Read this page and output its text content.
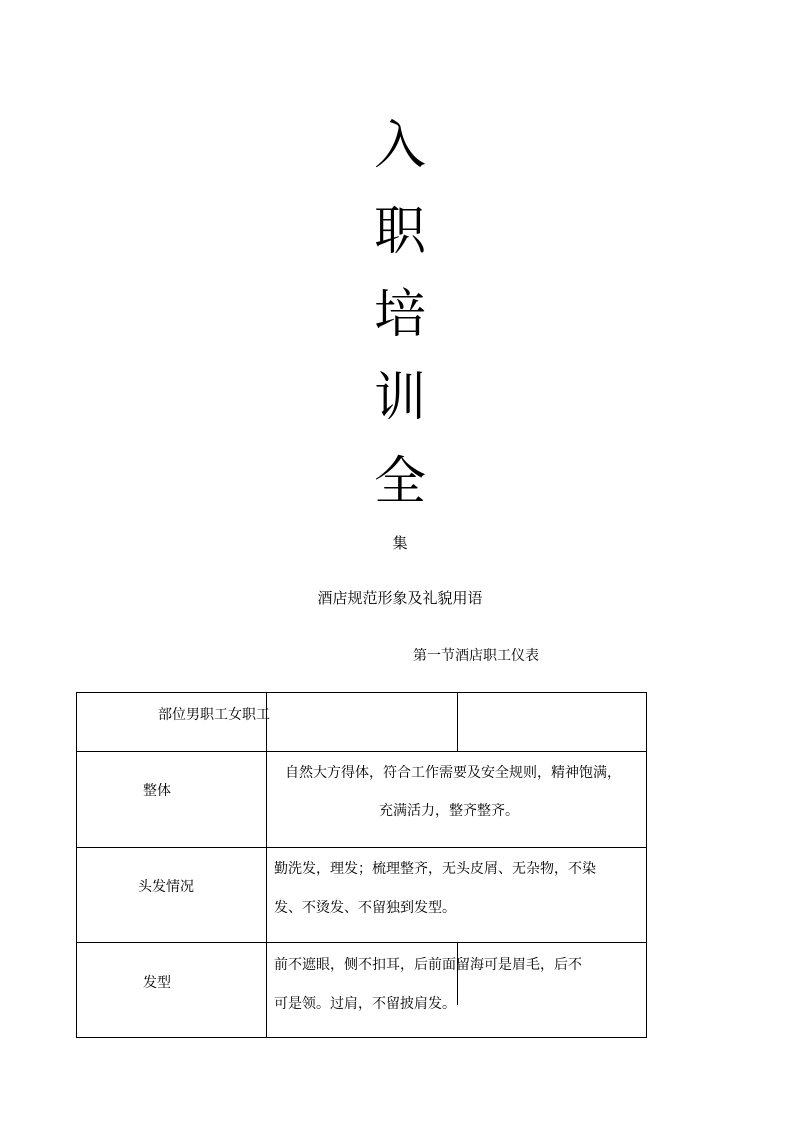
入
职
培
训
全
集
酒店规范形象及礼貌用语
第一节酒店职工仪表
部位男职工女职工
整体
自然大方得体，符合工作需要及安全规则，精神饱满，
充满活力，整齐整齐。
头发情况
勤洗发，理发；梳理整齐，无头皮屑、无杂物，不染
发、不烫发、不留独到发型。
发型
前不遮眼，侧不扣耳，后前面留海可是眉毛，后不
可是领。过肩，不留披肩发。
